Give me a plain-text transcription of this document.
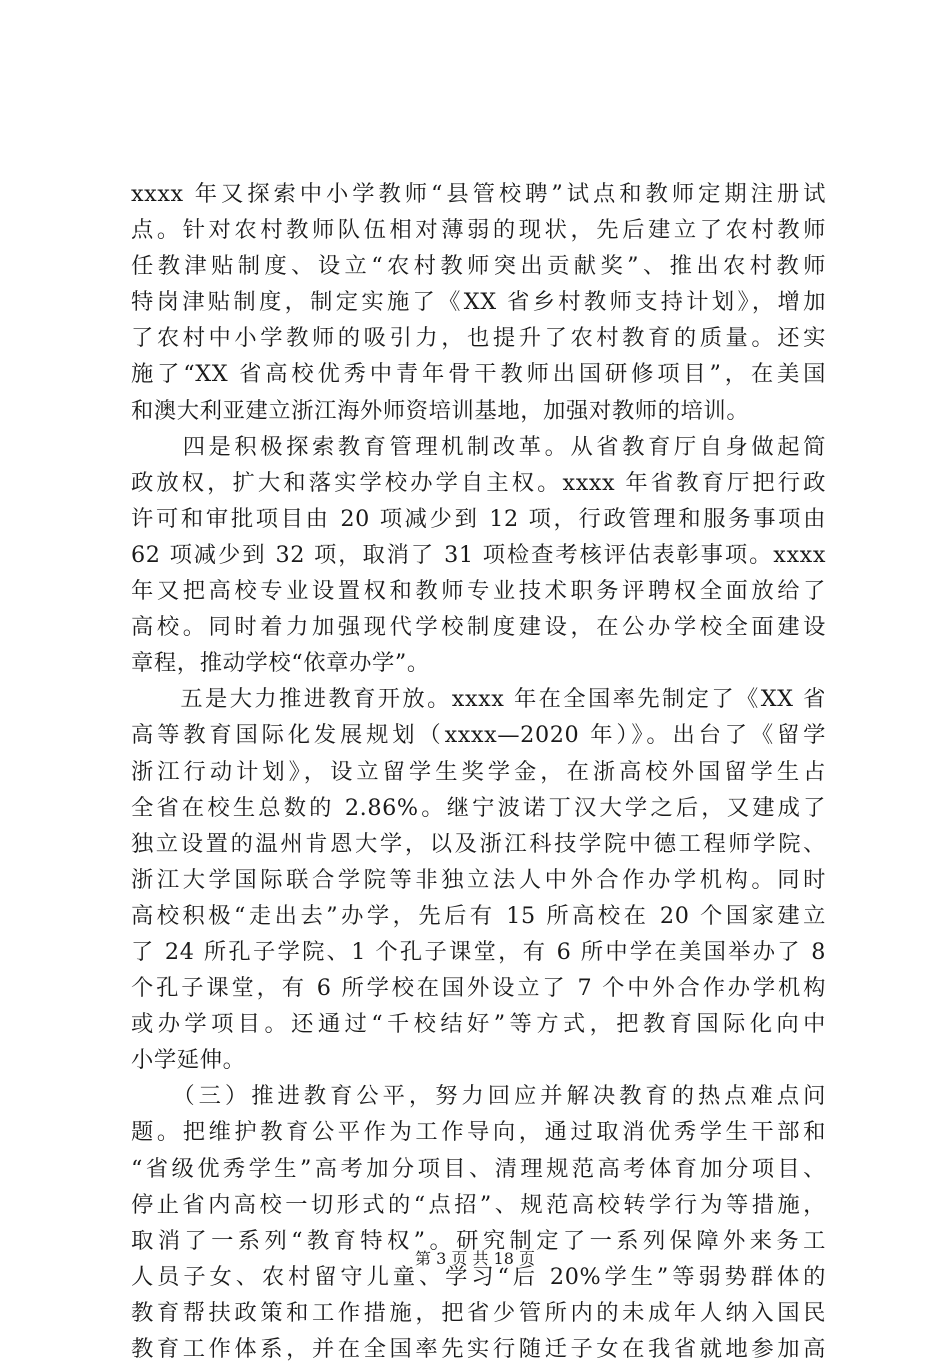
xxxx 年又探索中小学教师“县管校聘”试点和教师定期注册试
点。针对农村教师队伍相对薄弱的现状，先后建立了农村教师
任教津贴制度、设立“农村教师突出贡献奖”、推出农村教师
特岗津贴制度，制定实施了《XX 省乡村教师支持计划》，增加
了农村中小学教师的吸引力，也提升了农村教育的质量。还实
施了“XX 省高校优秀中青年骨干教师出国研修项目”，在美国
和澳大利亚建立浙江海外师资培训基地，加强对教师的培训。
　　四是积极探索教育管理机制改革。从省教育厅自身做起简
政放权，扩大和落实学校办学自主权。xxxx 年省教育厅把行政
许可和审批项目由 20 项减少到 12 项，行政管理和服务事项由
62 项减少到 32 项，取消了 31 项检查考核评估表彰事项。xxxx
年又把高校专业设置权和教师专业技术职务评聘权全面放给了
高校。同时着力加强现代学校制度建设，在公办学校全面建设
章程，推动学校“依章办学”。
　　五是大力推进教育开放。xxxx 年在全国率先制定了《XX 省
高等教育国际化发展规划（xxxx—2020 年）》。出台了《留学
浙江行动计划》，设立留学生奖学金，在浙高校外国留学生占
全省在校生总数的 2.86%。继宁波诺丁汉大学之后，又建成了
独立设置的温州肯恩大学，以及浙江科技学院中德工程师学院、
浙江大学国际联合学院等非独立法人中外合作办学机构。同时
高校积极“走出去”办学，先后有 15 所高校在 20 个国家建立
了 24 所孔子学院、1 个孔子课堂，有 6 所中学在美国举办了 8
个孔子课堂，有 6 所学校在国外设立了 7 个中外合作办学机构
或办学项目。还通过“千校结好”等方式，把教育国际化向中
小学延伸。
　　（三）推进教育公平，努力回应并解决教育的热点难点问
题。把维护教育公平作为工作导向，通过取消优秀学生干部和
“省级优秀学生”高考加分项目、清理规范高考体育加分项目、
停止省内高校一切形式的“点招”、规范高校转学行为等措施，
取消了一系列“教育特权”。研究制定了一系列保障外来务工
人员子女、农村留守儿童、学习“后 20%学生”等弱势群体的
教育帮扶政策和工作措施，把省少管所内的未成年人纳入国民
教育工作体系，并在全国率先实行随迁子女在我省就地参加高
第 3 页 共 18 页
